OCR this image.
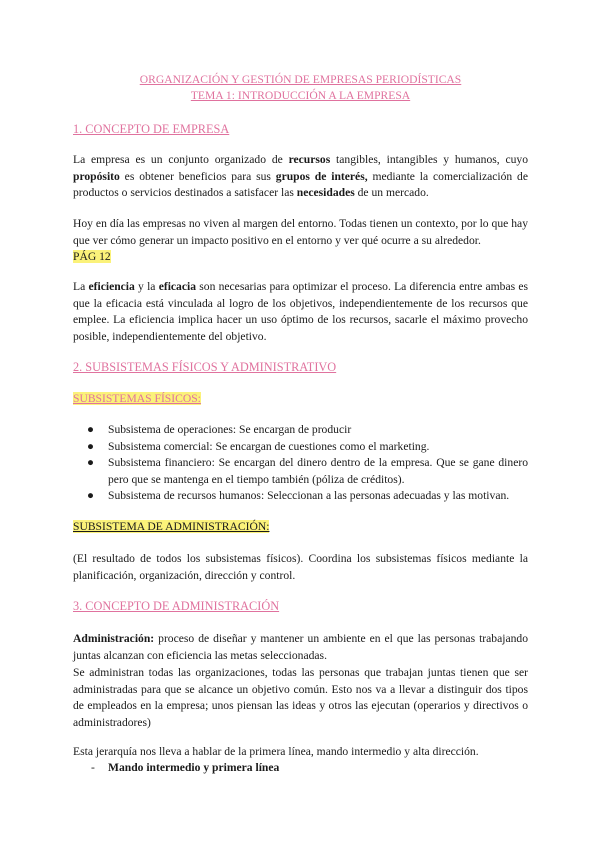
ORGANIZACIÓN Y GESTIÓN DE EMPRESAS PERIODÍSTICAS
TEMA 1: INTRODUCCIÓN A LA EMPRESA
1. CONCEPTO DE EMPRESA

La empresa es un conjunto organizado de recursos tangibles, intangibles y humanos, cuyo propósito es obtener beneficios para sus grupos de interés, mediante la comercialización de productos o servicios destinados a satisfacer las necesidades de un mercado.

Hoy en día las empresas no viven al margen del entorno. Todas tienen un contexto, por lo que hay que ver cómo generar un impacto positivo en el entorno y ver qué ocurre a su alrededor.
PÁG 12

La eficiencia y la eficacia son necesarias para optimizar el proceso. La diferencia entre ambas es que la eficacia está vinculada al logro de los objetivos, independientemente de los recursos que emplee. La eficiencia implica hacer un uso óptimo de los recursos, sacarle el máximo provecho posible, independientemente del objetivo.

2. SUBSISTEMAS FÍSICOS Y ADMINISTRATIVO
SUBSISTEMAS FÍSICOS:
● Subsistema de operaciones: Se encargan de producir
● Subsistema comercial: Se encargan de cuestiones como el marketing.
● Subsistema financiero: Se encargan del dinero dentro de la empresa. Que se gane dinero pero que se mantenga en el tiempo también (póliza de créditos).
● Subsistema de recursos humanos: Seleccionan a las personas adecuadas y las motivan.
SUBSISTEMA DE ADMINISTRACIÓN:

(El resultado de todos los subsistemas físicos). Coordina los subsistemas físicos mediante la planificación, organización, dirección y control.

3. CONCEPTO DE ADMINISTRACIÓN

Administración: proceso de diseñar y mantener un ambiente en el que las personas trabajando juntas alcanzan con eficiencia las metas seleccionadas.

Se administran todas las organizaciones, todas las personas que trabajan juntas tienen que ser administradas para que se alcance un objetivo común. Esto nos va a llevar a distinguir dos tipos de empleados en la empresa; unos piensan las ideas y otros las ejecutan (operarios y directivos o administradores)

Esta jerarquía nos lleva a hablar de la primera línea, mando intermedio y alta dirección.

- Mando intermedio y primera línea
